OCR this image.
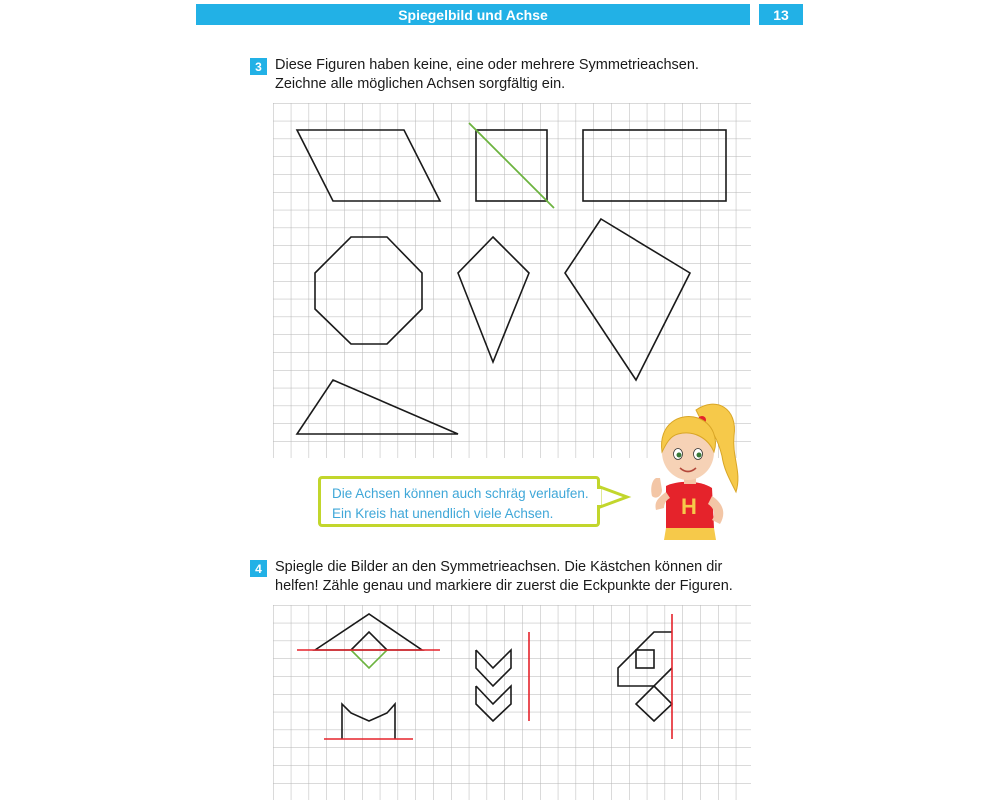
Spiegelbild und Achse	13
3 Diese Figuren haben keine, eine oder mehrere Symmetrieachsen.
Zeichne alle möglichen Achsen sorgfältig ein.
Die Achsen können auch schräg verlaufen.
Ein Kreis hat unendlich viele Achsen.	H
4 Spiegle die Bilder an den Symmetrieachsen. Die Kästchen können dir
helfen! Zähle genau und markiere dir zuerst die Eckpunkte der Figuren.
